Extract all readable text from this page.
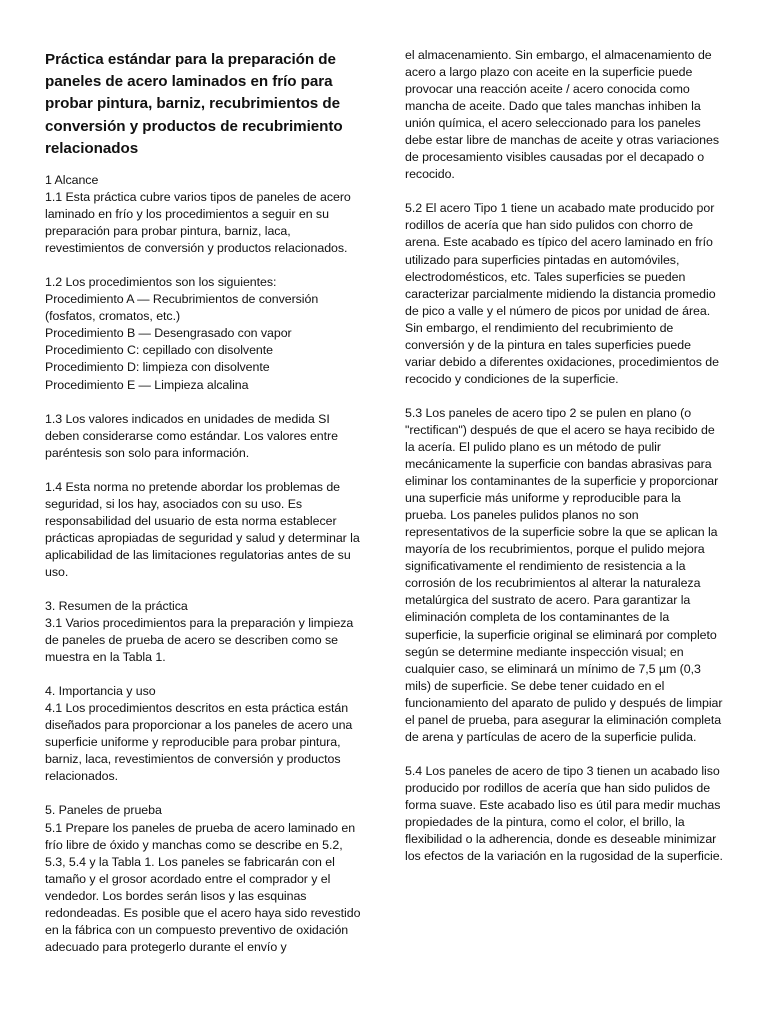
Práctica estándar para la preparación de paneles de acero laminados en frío para probar pintura, barniz, recubrimientos de conversión y productos de recubrimiento relacionados

1 Alcance

1.1 Esta práctica cubre varios tipos de paneles de acero laminado en frío y los procedimientos a seguir en su preparación para probar pintura, barniz, laca, revestimientos de conversión y productos relacionados.

1.2 Los procedimientos son los siguientes:

Procedimiento A — Recubrimientos de conversión (fosfatos, cromatos, etc.)

Procedimiento B — Desengrasado con vapor

Procedimiento C: cepillado con disolvente

Procedimiento D: limpieza con disolvente

Procedimiento E — Limpieza alcalina

1.3 Los valores indicados en unidades de medida SI deben considerarse como estándar. Los valores entre paréntesis son solo para información.

1.4 Esta norma no pretende abordar los problemas de seguridad, si los hay, asociados con su uso. Es responsabilidad del usuario de esta norma establecer prácticas apropiadas de seguridad y salud y determinar la aplicabilidad de las limitaciones regulatorias antes de su uso.

3. Resumen de la práctica

3.1 Varios procedimientos para la preparación y limpieza de paneles de prueba de acero se describen como se muestra en la Tabla 1.

4. Importancia y uso

4.1 Los procedimientos descritos en esta práctica están diseñados para proporcionar a los paneles de acero una superficie uniforme y reproducible para probar pintura, barniz, laca, revestimientos de conversión y productos relacionados.

5. Paneles de prueba

5.1 Prepare los paneles de prueba de acero laminado en frío libre de óxido y manchas como se describe en 5.2, 5.3, 5.4 y la Tabla 1. Los paneles se fabricarán con el tamaño y el grosor acordado entre el comprador y el vendedor. Los bordes serán lisos y las esquinas redondeadas. Es posible que el acero haya sido revestido en la fábrica con un compuesto preventivo de oxidación adecuado para protegerlo durante el envío y

el almacenamiento. Sin embargo, el almacenamiento de acero a largo plazo con aceite en la superficie puede provocar una reacción aceite / acero conocida como mancha de aceite. Dado que tales manchas inhiben la unión química, el acero seleccionado para los paneles debe estar libre de manchas de aceite y otras variaciones de procesamiento visibles causadas por el decapado o recocido.

5.2 El acero Tipo 1 tiene un acabado mate producido por rodillos de acería que han sido pulidos con chorro de arena. Este acabado es típico del acero laminado en frío utilizado para superficies pintadas en automóviles, electrodomésticos, etc. Tales superficies se pueden caracterizar parcialmente midiendo la distancia promedio de pico a valle y el número de picos por unidad de área. Sin embargo, el rendimiento del recubrimiento de conversión y de la pintura en tales superficies puede variar debido a diferentes oxidaciones, procedimientos de recocido y condiciones de la superficie.

5.3 Los paneles de acero tipo 2 se pulen en plano (o "rectifican") después de que el acero se haya recibido de la acería. El pulido plano es un método de pulir mecánicamente la superficie con bandas abrasivas para eliminar los contaminantes de la superficie y proporcionar una superficie más uniforme y reproducible para la prueba. Los paneles pulidos planos no son representativos de la superficie sobre la que se aplican la mayoría de los recubrimientos, porque el pulido mejora significativamente el rendimiento de resistencia a la corrosión de los recubrimientos al alterar la naturaleza metalúrgica del sustrato de acero. Para garantizar la eliminación completa de los contaminantes de la superficie, la superficie original se eliminará por completo según se determine mediante inspección visual; en cualquier caso, se eliminará un mínimo de 7,5 µm (0,3 mils) de superficie. Se debe tener cuidado en el funcionamiento del aparato de pulido y después de limpiar el panel de prueba, para asegurar la eliminación completa de arena y partículas de acero de la superficie pulida.

5.4 Los paneles de acero de tipo 3 tienen un acabado liso producido por rodillos de acería que han sido pulidos de forma suave. Este acabado liso es útil para medir muchas propiedades de la pintura, como el color, el brillo, la flexibilidad o la adherencia, donde es deseable minimizar los efectos de la variación en la rugosidad de la superficie.
